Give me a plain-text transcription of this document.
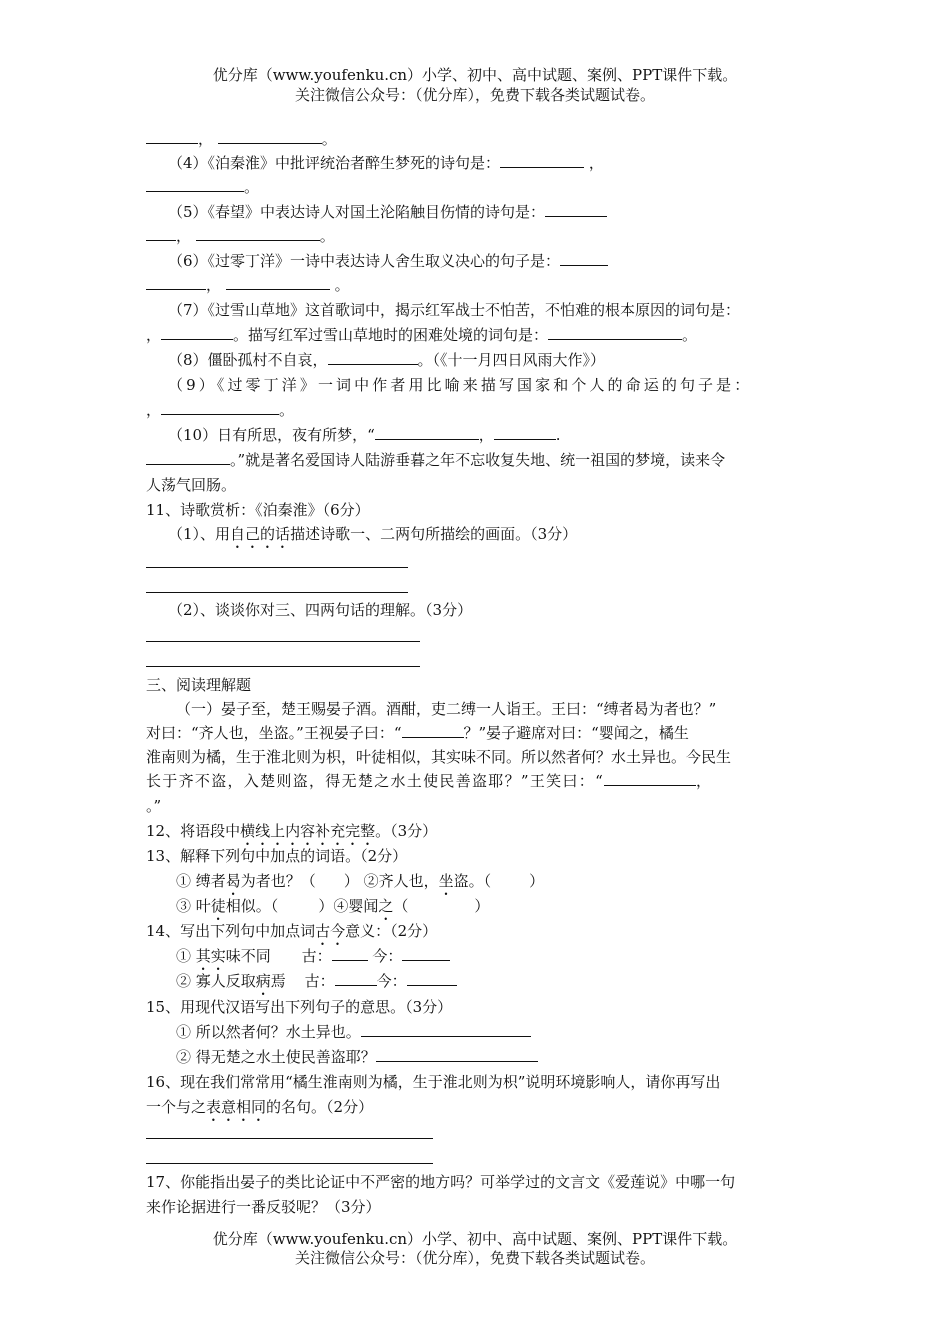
优分库（www.youfenku.cn）小学、初中、高中试题、案例、PPT课件下载。
关注微信公众号：（优分库），免费下载各类试题试卷。
，	。
（4）《泊秦淮》中批评统治者醉生梦死的诗句是：	，
。
（5）《春望》中表达诗人对国土沦陷触目伤情的诗句是：
，	。
（6）《过零丁洋》一诗中表达诗人舍生取义决心的句子是：
，	。
（7）《过雪山草地》这首歌词中，揭示红军战士不怕苦，不怕难的根本原因的词句是：
，	。描写红军过雪山草地时的困难处境的词句是：	。
（8）僵卧孤村不自哀，	。（《十一月四日风雨大作》）
（9）《过零丁洋》一词中作者用比喻来描写国家和个人的命运的句子是：
，	。
（10）日有所思，夜有所梦，“	，	.
。”就是著名爱国诗人陆游垂暮之年不忘收复失地、统一祖国的梦境，读来令
人荡气回肠。
11、诗歌赏析：《泊秦淮》（6分）
（1）、用自己的话描述诗歌一、二两句所描绘的画面。（3分）
（2）、谈谈你对三、四两句话的理解。（3分）
三、阅读理解题
（一）晏子至，楚王赐晏子酒。酒酣，吏二缚一人诣王。王曰：“缚者曷为者也？”
对曰：“齐人也，坐盗。”王视晏子曰：“	？”晏子避席对曰：“婴闻之，橘生
淮南则为橘，生于淮北则为枳，叶徒相似，其实味不同。所以然者何？水土异也。今民生
长于齐不盗，入楚则盗，得无楚之水土使民善盗耶？”王笑曰：“	，
。”
12、将语段中横线上内容补充完整。（3分）
13、解释下列句中加点的词语。（2分）
① 缚者曷为者也？（ ） ②齐人也，坐盗。（	）
③ 叶徒相似。（	）④婴闻之（	）
14、写出下列句中加点词古今意义：（2分）
① 其实味不同 古：	今：
② 寡人反取病焉 古：	今：
15、用现代汉语写出下列句子的意思。（3分）
① 所以然者何？水土异也。
② 得无楚之水土使民善盗耶？
16、现在我们常常用“橘生淮南则为橘，生于淮北则为枳”说明环境影响人，请你再写出
一个与之表意相同的名句。（2分）
17、你能指出晏子的类比论证中不严密的地方吗？可举学过的文言文《爱莲说》中哪一句
来作论据进行一番反驳呢？（3分）
优分库（www.youfenku.cn）小学、初中、高中试题、案例、PPT课件下载。
关注微信公众号：（优分库），免费下载各类试题试卷。
